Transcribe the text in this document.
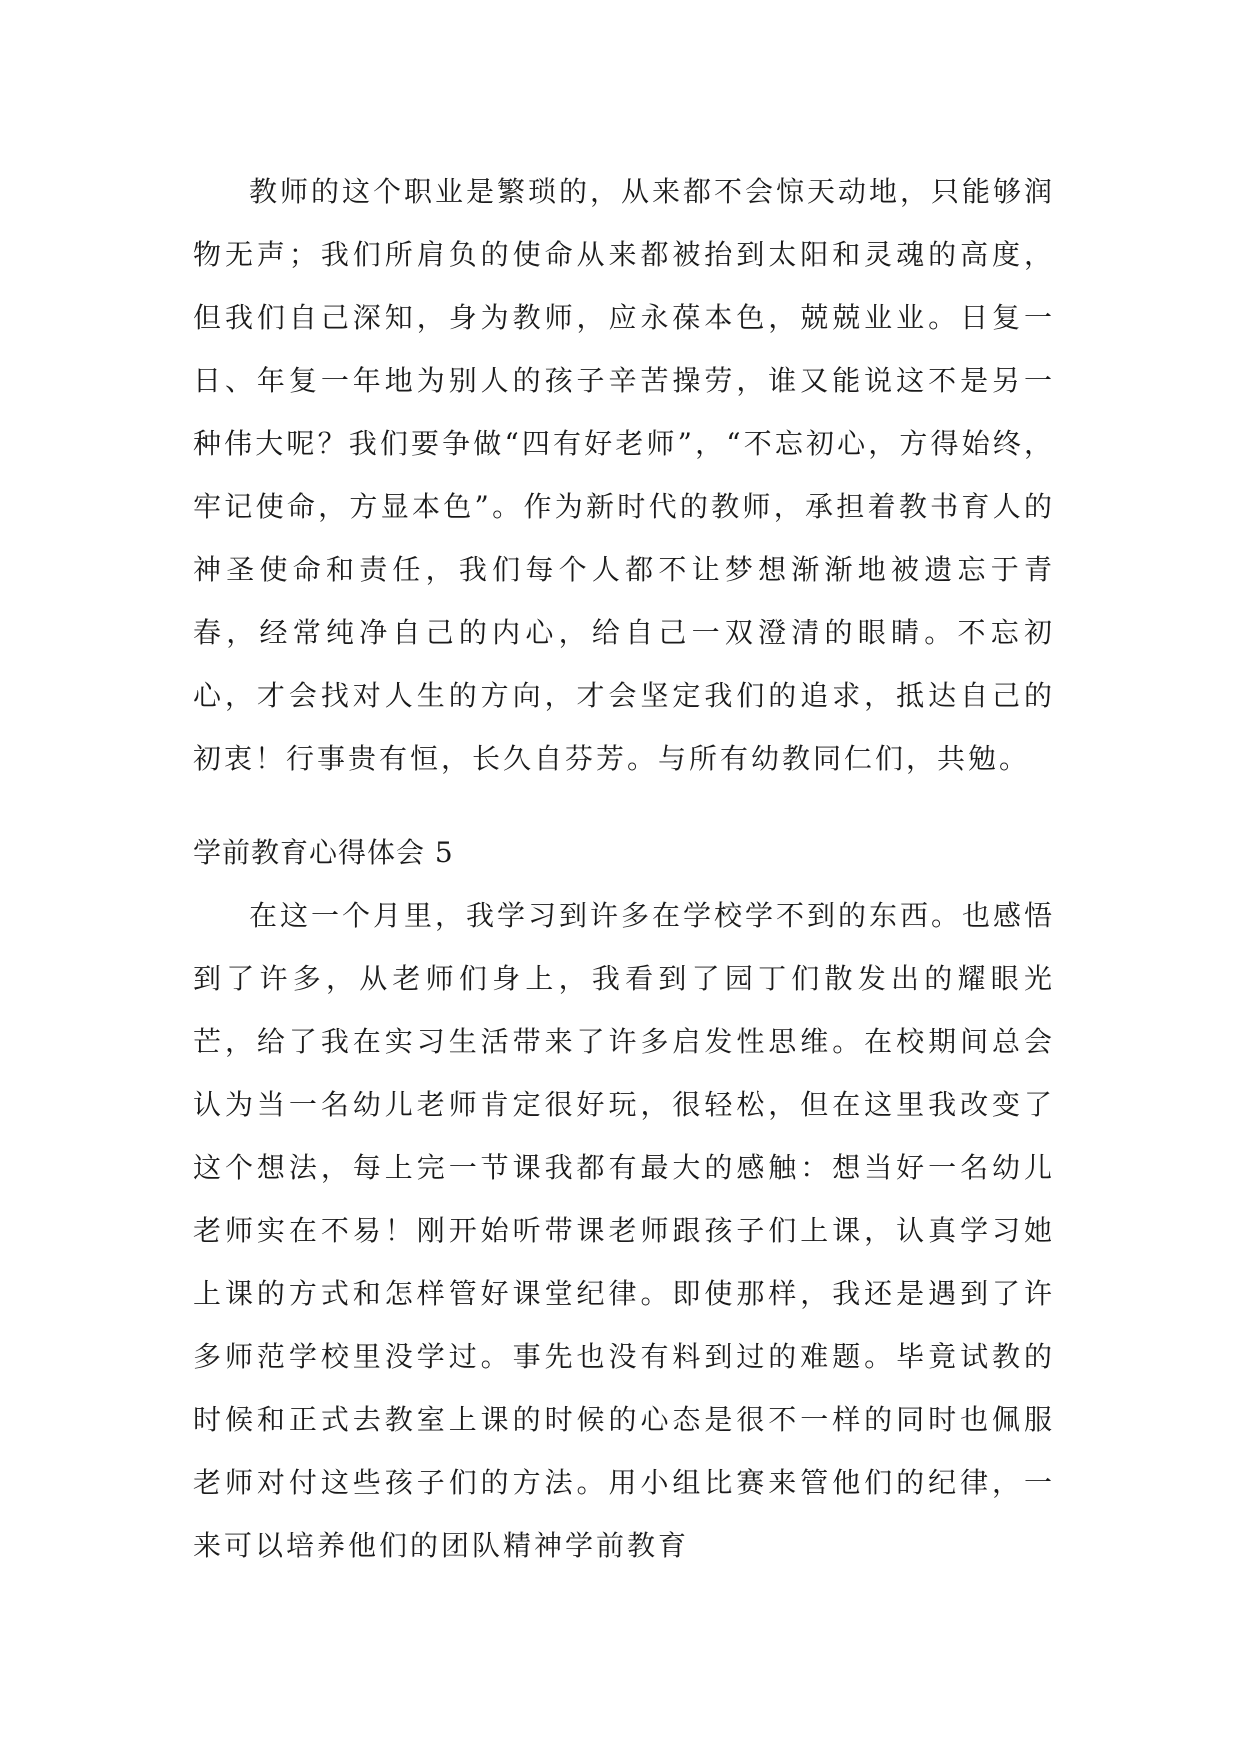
教师的这个职业是繁琐的，从来都不会惊天动地，只能够润物无声；我们所肩负的使命从来都被抬到太阳和灵魂的高度，但我们自己深知，身为教师，应永葆本色，兢兢业业。日复一日、年复一年地为别人的孩子辛苦操劳，谁又能说这不是另一种伟大呢？我们要争做“四有好老师”，“不忘初心，方得始终，牢记使命，方显本色”。作为新时代的教师，承担着教书育人的神圣使命和责任，我们每个人都不让梦想渐渐地被遗忘于青春，经常纯净自己的内心，给自己一双澄清的眼睛。不忘初心，才会找对人生的方向，才会坚定我们的追求，抵达自己的初衷！行事贵有恒，长久自芬芳。与所有幼教同仁们，共勉。

学前教育心得体会 5

在这一个月里，我学习到许多在学校学不到的东西。也感悟到了许多，从老师们身上，我看到了园丁们散发出的耀眼光芒，给了我在实习生活带来了许多启发性思维。在校期间总会认为当一名幼儿老师肯定很好玩，很轻松，但在这里我改变了这个想法，每上完一节课我都有最大的感触：想当好一名幼儿老师实在不易！刚开始听带课老师跟孩子们上课，认真学习她上课的方式和怎样管好课堂纪律。即使那样，我还是遇到了许多师范学校里没学过。事先也没有料到过的难题。毕竟试教的时候和正式去教室上课的时候的心态是很不一样的同时也佩服老师对付这些孩子们的方法。用小组比赛来管他们的纪律，一来可以培养他们的团队精神学前教育
